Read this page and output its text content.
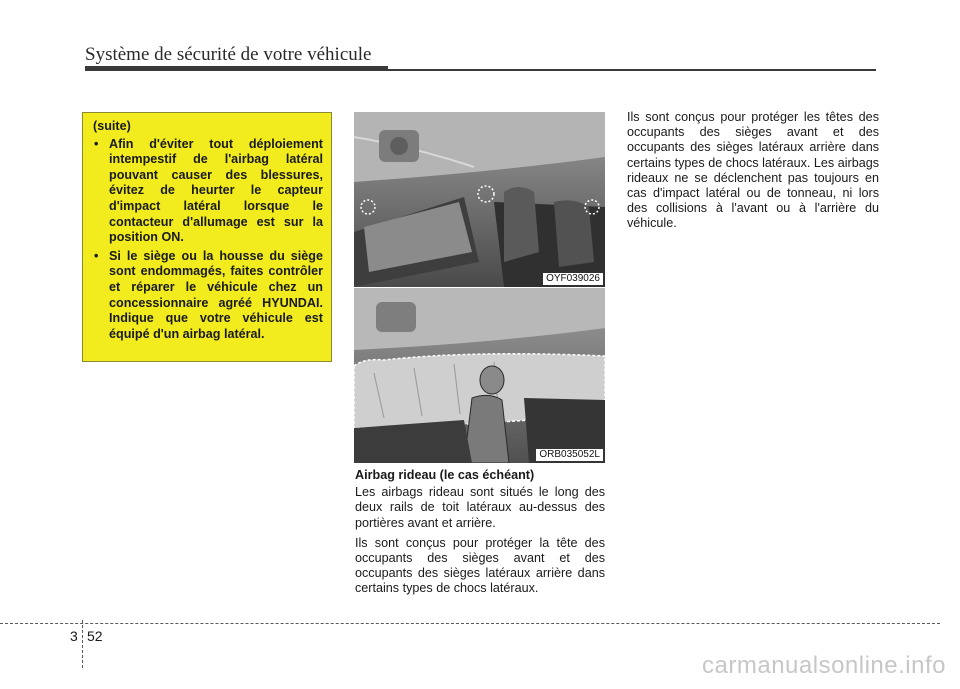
Système de sécurité de votre véhicule
(suite)
• Afin d'éviter tout déploiement intempestif de l'airbag latéral pouvant causer des blessures, évitez de heurter le capteur d'impact latéral lorsque le contacteur d'allumage est sur la position ON.
• Si le siège ou la housse du siège sont endommagés, faites contrôler et réparer le véhicule chez un concessionnaire agréé HYUNDAI. Indique que votre véhicule est équipé d'un airbag latéral.
OYF039026
ORB035052L
Airbag rideau (le cas échéant)

Les airbags rideau sont situés le long des deux rails de toit latéraux au-dessus des portières avant et arrière.

Ils sont conçus pour protéger la tête des occupants des sièges avant et des occupants des sièges latéraux arrière dans certains types de chocs latéraux.

Ils sont conçus pour protéger les têtes des occupants des sièges avant et des occupants des sièges latéraux arrière dans certains types de chocs latéraux. Les airbags rideaux ne se déclenchent pas toujours en cas d'impact latéral ou de tonneau, ni lors des collisions à l'avant ou à l'arrière du véhicule.

3 52
carmanualsonline.info
